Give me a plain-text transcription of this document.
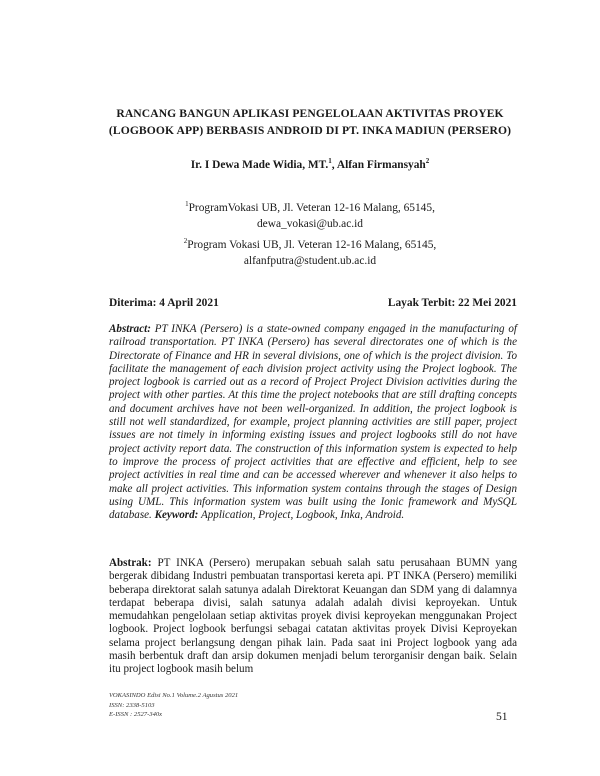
RANCANG BANGUN APLIKASI PENGELOLAAN AKTIVITAS PROYEK
(LOGBOOK APP) BERBASIS ANDROID DI PT. INKA MADIUN (PERSERO)
Ir. I Dewa Made Widia, MT.$^1$, Alfan Firmansyah$^2$
$^1$ProgramVokasi UB, Jl. Veteran 12-16 Malang, 65145,
dewa_vokasi@ub.ac.id
$^2$Program Vokasi UB, Jl. Veteran 12-16 Malang, 65145,
alfanfputra@student.ub.ac.id
Diterima: 4 April 2021	Layak Terbit: 22 Mei 2021
Abstract: PT INKA (Persero) is a state-owned company engaged in the manufacturing of railroad transportation. PT INKA (Persero) has several directorates one of which is the Directorate of Finance and HR in several divisions, one of which is the project division. To facilitate the management of each division project activity using the Project logbook. The project logbook is carried out as a record of Project Project Division activities during the project with other parties. At this time the project notebooks that are still drafting concepts and document archives have not been well-organized. In addition, the project logbook is still not well standardized, for example, project planning activities are still paper, project issues are not timely in informing existing issues and project logbooks still do not have project activity report data. The construction of this information system is expected to help to improve the process of project activities that are effective and efficient, help to see project activities in real time and can be accessed wherever and whenever it also helps to make all project activities. This information system contains through the stages of Design using UML. This information system was built using the Ionic framework and MySQL database. Keyword: Application, Project, Logbook, Inka, Android.
Abstrak: PT INKA (Persero) merupakan sebuah salah satu perusahaan BUMN yang bergerak dibidang Industri pembuatan transportasi kereta api. PT INKA (Persero) memiliki beberapa direktorat salah satunya adalah Direktorat Keuangan dan SDM yang di dalamnya terdapat beberapa divisi, salah satunya adalah adalah divisi keproyekan. Untuk memudahkan pengelolaan setiap aktivitas proyek divisi keproyekan menggunakan Project logbook. Project logbook berfungsi sebagai catatan aktivitas proyek Divisi Keproyekan selama project berlangsung dengan pihak lain. Pada saat ini Project logbook yang ada masih berbentuk draft dan arsip dokumen menjadi belum terorganisir dengan baik. Selain itu project logbook masih belum
VOKASINDO Edisi No.1 Volume.2 Agustus 2021
ISSN: 2338-5103
E-ISSN : 2527-340x	51
